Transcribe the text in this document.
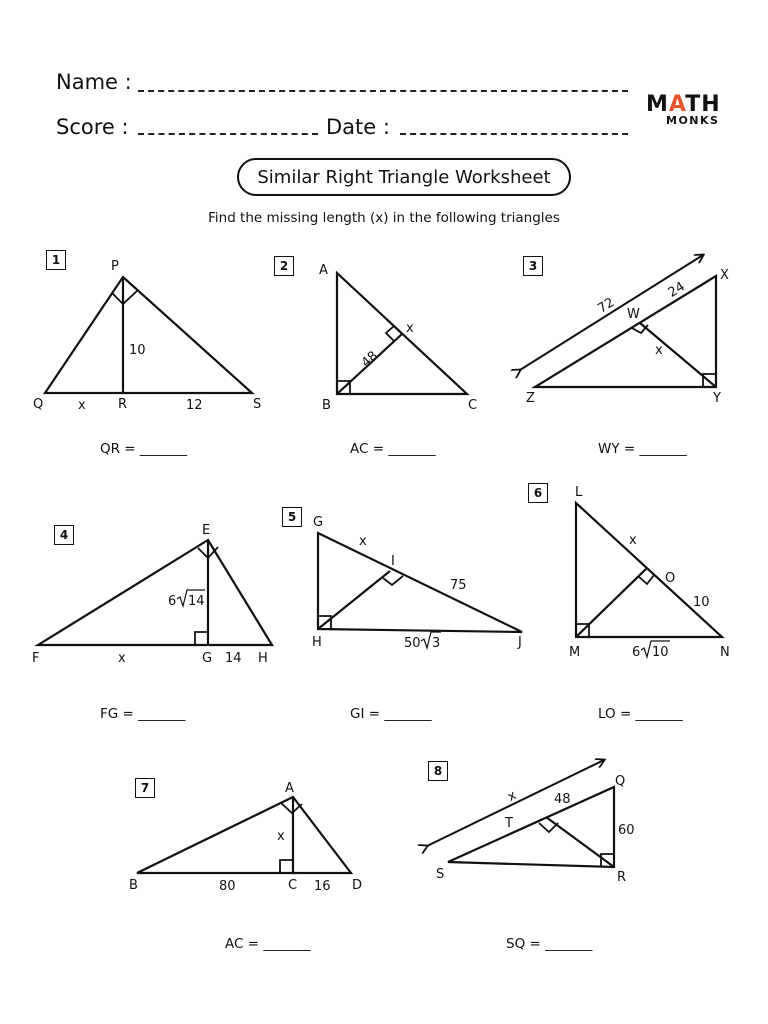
Name :
Score :	Date :
MATH
MONKS
Similar Right Triangle Worksheet
Find the missing length (x) in the following triangles
1	2	3
4
5
6
7
8
QR = _______	AC = _______	WY = _______
FG = _______	GI = _______	LO = _______
AC = _______	SQ = _______
P
Q	R	S
10
x	12
A
B	C
48
x
X
Y
Z
W
72
24
x
E
F	G	H
x	14
6 14
G
H
I
J
x
75
50 3
L
M	N
O
x
10
6 10
A
B	C	D
x
80	16
Q
R
S
T
x	48
60
